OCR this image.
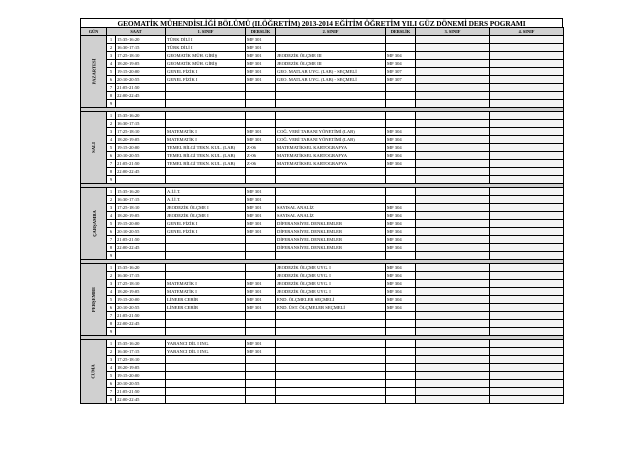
GEOMATİK MÜHENDİSLİĞİ BÖLÜMÜ (II.ÖĞRETİM) 2013-2014 EĞİTİM ÖĞRETİM YILI GÜZ DÖNEMİ DERS POGRAMI
GÜN	SAAT		1. SINIF	DERSLİK	2. SINIF	DERSLİK	3. SINIF	4. SINIF
PAZARTESİ	1	15:35-16:20	TÜRK DİLİ I	MF 301				
	2	16:30-17:15	TÜRK DİLİ I	MF 301				
	3	17:25-18:10	GEOMATİK MÜH. GİRİŞ	MF 301	JEODEZİK ÖLÇME III	MF 304		
	4	18:20-19:05	GEOMATİK MÜH. GİRİŞ	MF 301	JEODEZİK ÖLÇME III	MF 304		
	5	19:15-20:00	GENEL FİZİK I	MF 301	GEO. MATLAB UYG. (LAB) - SEÇMELİ	MF 307		
	6	20:10-20:55	GENEL FİZİK I	MF 301	GEO. MATLAB UYG. (LAB) - SEÇMELİ	MF 307		
	7	21:05-21:50						
	8	22:00-22:45						
	9							

SALI	1	15:35-16:20						
	2	16:30-17:15						
	3	17:25-18:10	MATEMATİK I	MF 301	COĞ. VERİ TABANI YÖNETİMİ (LAB)	MF 304		
	4	18:20-19:05	MATEMATİK I	MF 301	COĞ. VERİ TABANI YÖNETİMİ (LAB)	MF 304		
	5	19:15-20:00	TEMEL BİLGİ TEKN. KUL. (LAB)	Z-06	MATEMATİKSEL KARTOGRAFYA	MF 304		
	6	20:10-20:55	TEMEL BİLGİ TEKN. KUL. (LAB)	Z-06	MATEMATİKSEL KARTOGRAFYA	MF 304		
	7	21:05-21:50	TEMEL BİLGİ TEKN. KUL. (LAB)	Z-06	MATEMATİKSEL KARTOGRAFYA	MF 304		
	8	22:00-22:45						
	9							

ÇARŞAMBA	1	15:35-16:20	A.İ.İ.T.	MF 301				
	2	16:30-17:15	A.İ.İ.T.	MF 301				
	3	17:25-18:10	JEODEZİK ÖLÇME I	MF 301	SAYISAL ANALİZ	MF 304		
	4	18:20-19:05	JEODEZİK ÖLÇME I	MF 301	SAYISAL ANALİZ	MF 304		
	5	19:15-20:00	GENEL FİZİK I	MF 301	DİFERANSİYEL DENKLEMLER	MF 304		
	6	20:10-20:55	GENEL FİZİK I	MF 301	DİFERANSİYEL DENKLEMLER	MF 304		
	7	21:05-21:50			DİFERANSİYEL DENKLEMLER	MF 304		
	8	22:00-22:45			DİFERANSİYEL DENKLEMLER	MF 304		
	9							

PERŞEMBE	1	15:35-16:20			JEODEZİK ÖLÇME UYG. I	MF 304		
	2	16:30-17:15			JEODEZİK ÖLÇME UYG. I	MF 304		
	3	17:25-18:10	MATEMATİK I	MF 301	JEODEZİK ÖLÇME UYG. I	MF 304		
	4	18:20-19:05	MATEMATİK I	MF 301	JEODEZİK ÖLÇME UYG. I	MF 304		
	5	19:15-20:00	LİNEER CEBİR	MF 301	END. ÖLÇMELER SEÇMELİ	MF 304		
	6	20:10-20:55	LİNEER CEBİR	MF 301	END. ÜST. ÖLÇMELER SEÇMELİ	MF 304		
	7	21:05-21:50						
	8	22:00-22:45						
	9							

CUMA	1	15:35-16:20	YABANCI DİL I ING.	MF 301				
	2	16:30-17:15	YABANCI DİL I ING.	MF 301				
	3	17:25-18:10						
	4	18:20-19:05						
	5	19:15-20:00						
	6	20:10-20:55						
	7	21:05-21:50						
	8	22:00-22:45						
